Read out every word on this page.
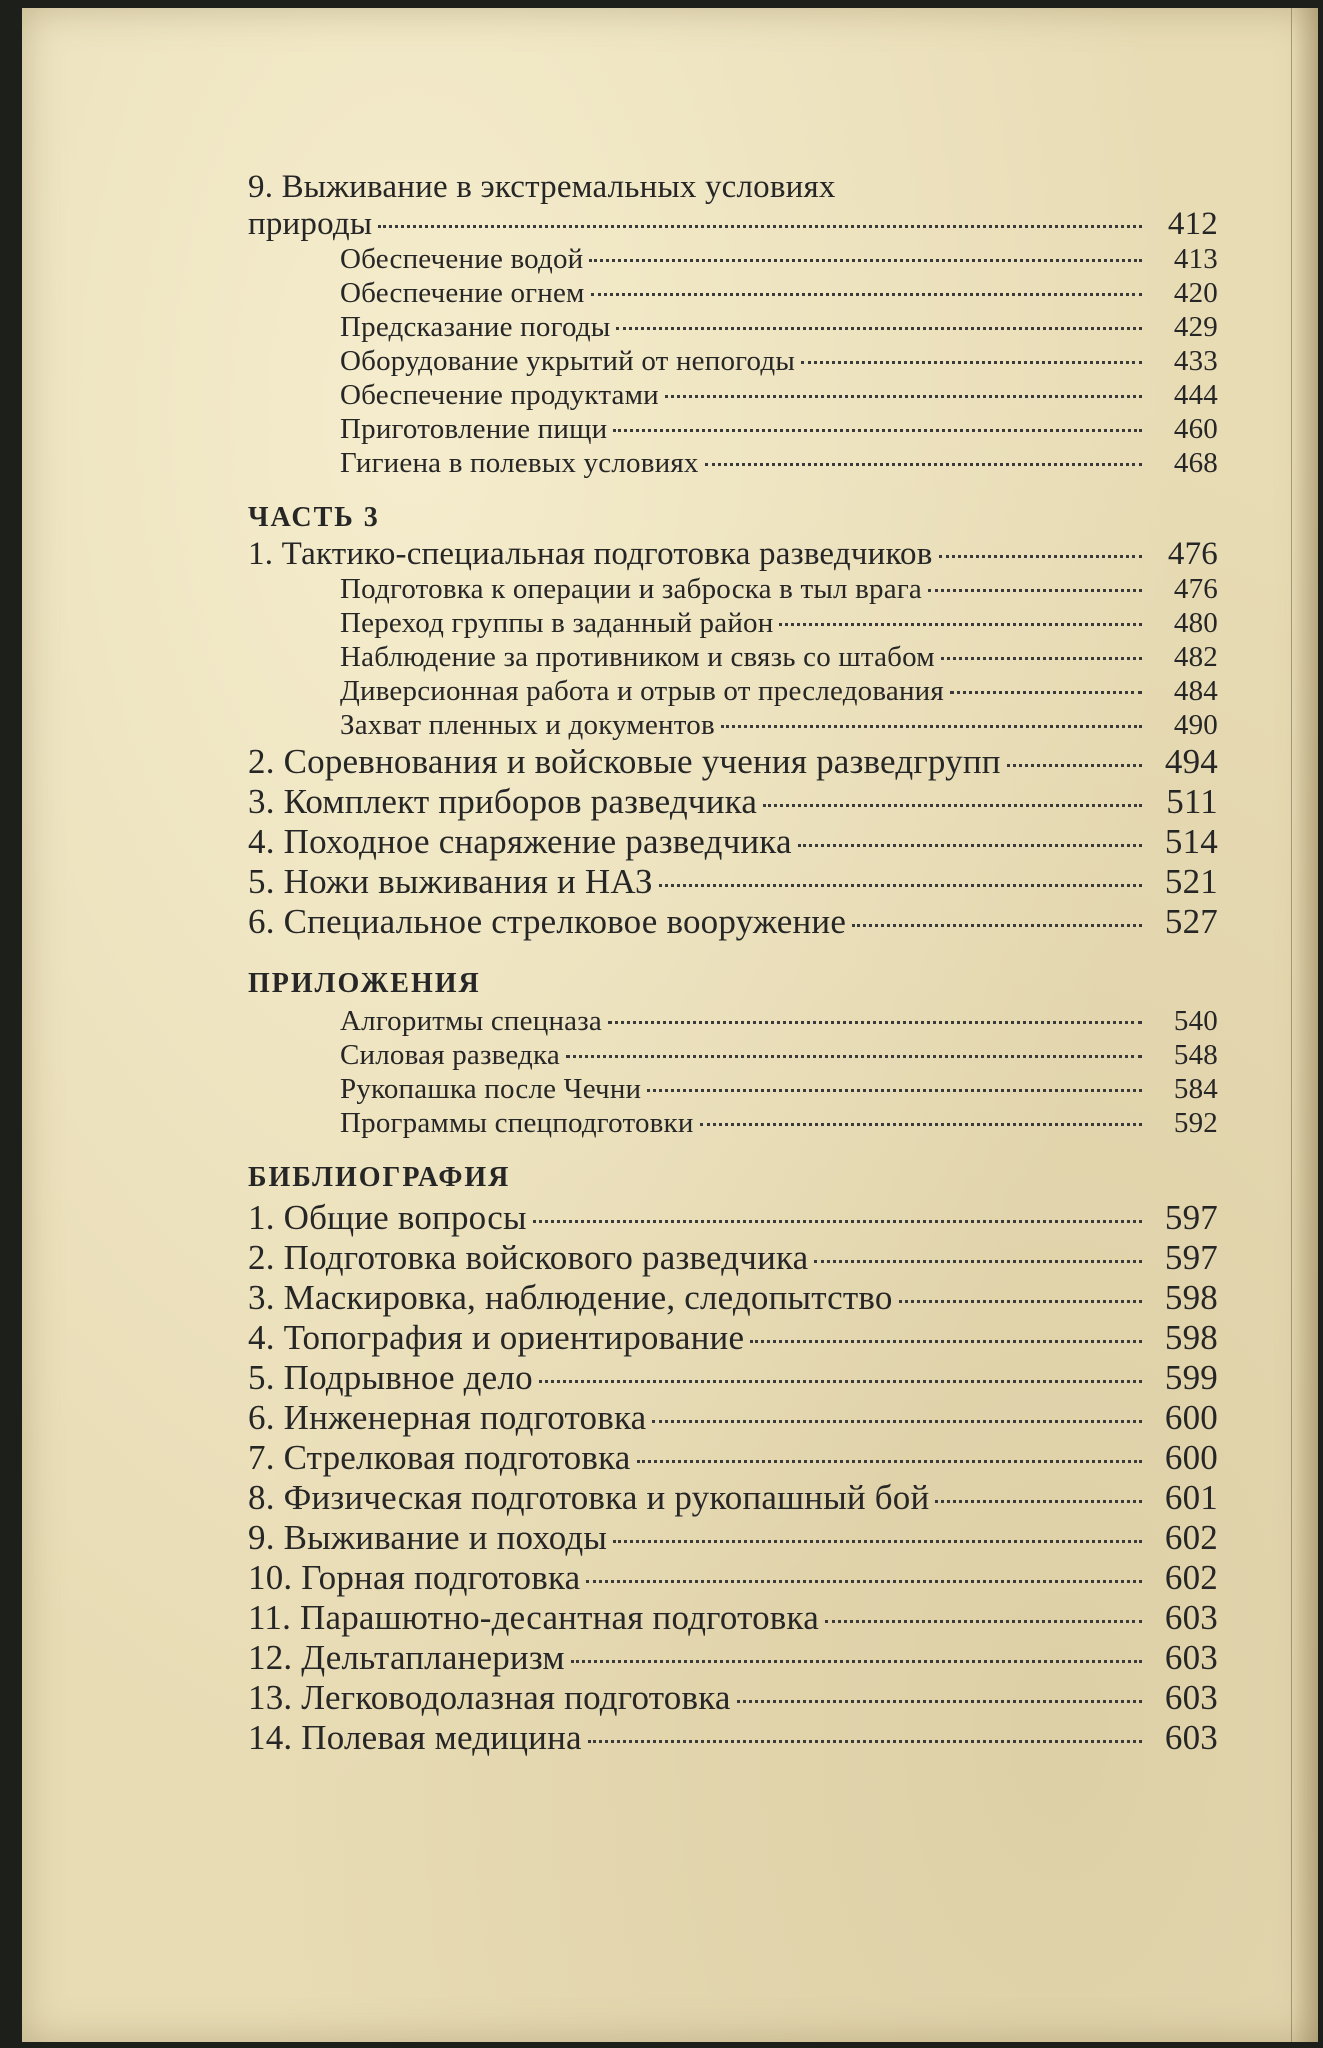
9. Выживание в экстремальных условиях
природы	412
Обеспечение водой	413
Обеспечение огнем	420
Предсказание погоды	429
Оборудование укрытий от непогоды	433
Обеспечение продуктами	444
Приготовление пищи	460
Гигиена в полевых условиях	468
ЧАСТЬ 3
1. Тактико-специальная подготовка разведчиков	476
Подготовка к операции и заброска в тыл врага	476
Переход группы в заданный район	480
Наблюдение за противником и связь со штабом	482
Диверсионная работа и отрыв от преследования	484
Захват пленных и документов	490
2. Соревнования и войсковые учения разведгрупп	494
3. Комплект приборов разведчика	511
4. Походное снаряжение разведчика	514
5. Ножи выживания и НАЗ	521
6. Специальное стрелковое вооружение	527
ПРИЛОЖЕНИЯ
Алгоритмы спецназа	540
Силовая разведка	548
Рукопашка после Чечни	584
Программы спецподготовки	592
БИБЛИОГРАФИЯ
1. Общие вопросы	597
2. Подготовка войскового разведчика	597
3. Маскировка, наблюдение, следопытство	598
4. Топография и ориентирование	598
5. Подрывное дело	599
6. Инженерная подготовка	600
7. Стрелковая подготовка	600
8. Физическая подготовка и рукопашный бой	601
9. Выживание и походы	602
10. Горная подготовка	602
11. Парашютно-десантная подготовка	603
12. Дельтапланеризм	603
13. Легководолазная подготовка	603
14. Полевая медицина	603
